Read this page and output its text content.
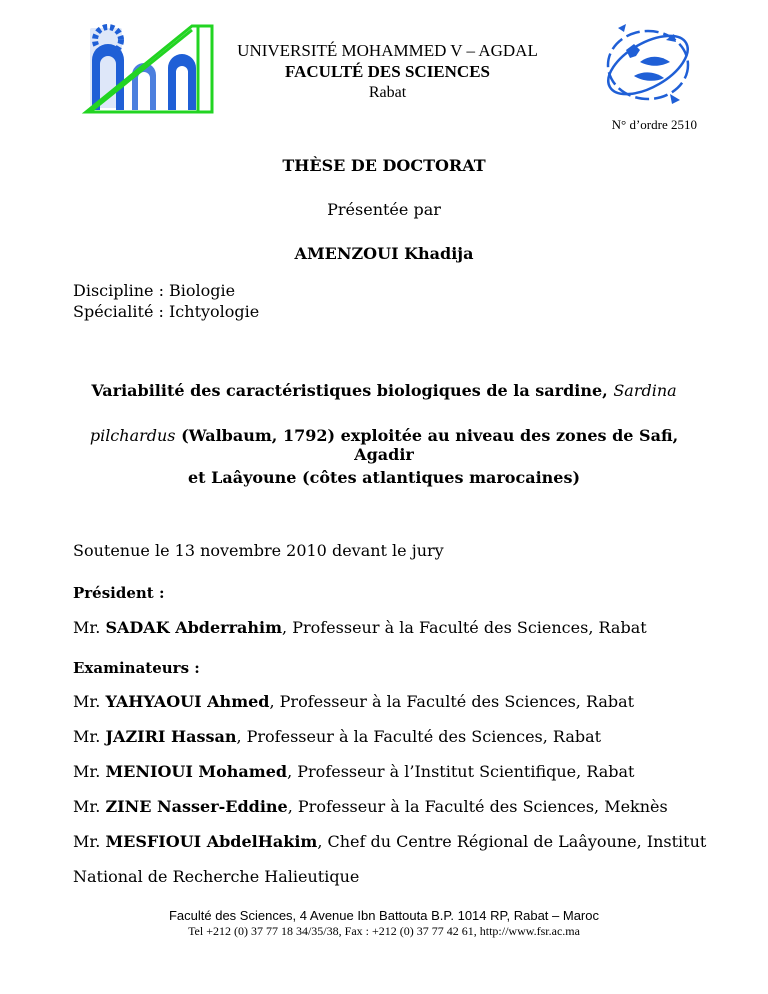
UNIVERSITÉ MOHAMMED V – AGDAL
FACULTÉ DES SCIENCES
Rabat
N° d’ordre 2510
THÈSE DE DOCTORAT
Présentée par
AMENZOUI Khadija
Discipline : Biologie
Spécialité : Ichtyologie
Variabilité des caractéristiques biologiques de la sardine, Sardina
pilchardus (Walbaum, 1792) exploitée au niveau des zones de Safi, Agadir
et Laâyoune (côtes atlantiques marocaines)
Soutenue le 13 novembre 2010 devant le jury
Président :
Mr. SADAK Abderrahim, Professeur à la Faculté des Sciences, Rabat
Examinateurs :
Mr. YAHYAOUI Ahmed, Professeur à la Faculté des Sciences, Rabat
Mr. JAZIRI Hassan, Professeur à la Faculté des Sciences, Rabat
Mr. MENIOUI Mohamed, Professeur à l’Institut Scientifique, Rabat
Mr. ZINE Nasser-Eddine, Professeur à la Faculté des Sciences, Meknès
Mr. MESFIOUI AbdelHakim, Chef du Centre Régional de Laâyoune, Institut
National de Recherche Halieutique
Faculté des Sciences, 4 Avenue Ibn Battouta B.P. 1014 RP, Rabat – Maroc
Tel +212 (0) 37 77 18 34/35/38, Fax : +212 (0) 37 77 42 61, http://www.fsr.ac.ma
